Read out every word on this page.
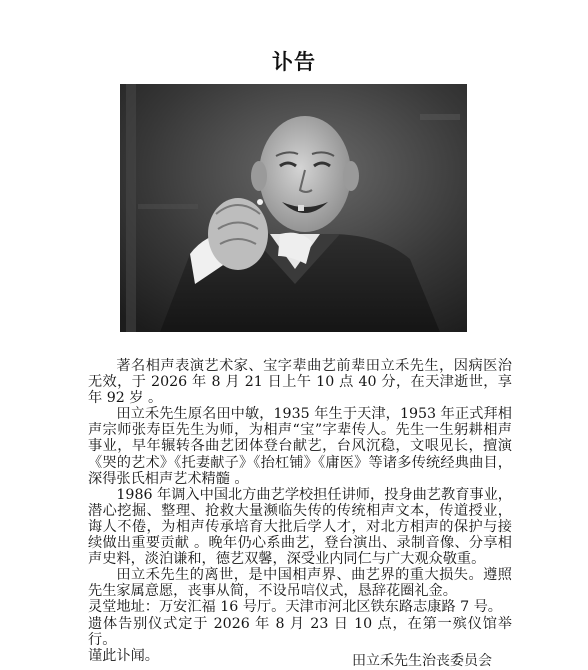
讣告

著名相声表演艺术家、宝字辈曲艺前辈田立禾先生，因病医治无效，于 2026 年 8 月 21 日上午 10 点 40 分，在天津逝世，享年 92 岁 。

田立禾先生原名田中敏，1935 年生于天津，1953 年正式拜相声宗师张寿臣先生为师，为相声“宝”字辈传人。先生一生躬耕相声事业，早年辗转各曲艺团体登台献艺，台风沉稳，文哏见长，擅演《哭的艺术》《托妻献子》《抬杠铺》《庸医》等诸多传统经典曲目，深得张氏相声艺术精髓 。

1986 年调入中国北方曲艺学校担任讲师，投身曲艺教育事业，潜心挖掘、整理、抢救大量濒临失传的传统相声文本，传道授业，诲人不倦，为相声传承培育大批后学人才，对北方相声的保护与接续做出重要贡献 。晚年仍心系曲艺，登台演出、录制音像、分享相声史料，淡泊谦和，德艺双馨，深受业内同仁与广大观众敬重。

田立禾先生的离世，是中国相声界、曲艺界的重大损失。遵照先生家属意愿，丧事从简，不设吊唁仪式，恳辞花圈礼金。

灵堂地址：万安汇福 16 号厅。天津市河北区铁东路志康路 7 号。

遗体告别仪式定于 2026 年 8 月 23 日 10 点，在第一殡仪馆举行。

谨此讣闻。	田立禾先生治丧委员会
